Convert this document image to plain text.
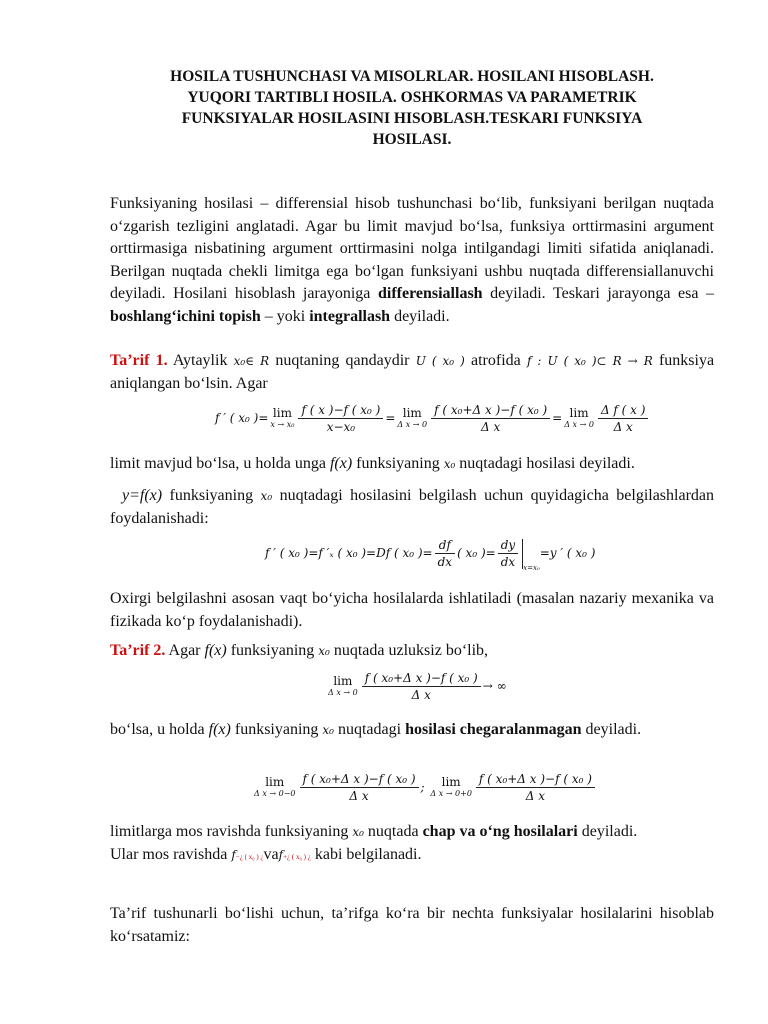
HOSILA TUSHUNCHASI VA MISOLRLAR. HOSILANI HISOBLASH.
YUQORI TARTIBLI HOSILA. OSHKORMAS VA PARAMETRIK
FUNKSIYALAR HOSILASINI HISOBLASH.TESKARI FUNKSIYA
HOSILASI.
Funksiyaning hosilasi – differensial hisob tushunchasi bo‘lib, funksiyani berilgan nuqtada o‘zgarish tezligini anglatadi. Agar bu limit mavjud bo‘lsa, funksiya orttirmasini argument orttirmasiga nisbatining argument orttirmasini nolga intilgandagi limiti sifatida aniqlanadi. Berilgan nuqtada chekli limitga ega bo‘lgan funksiyani ushbu nuqtada differensiallanuvchi deyiladi. Hosilani hisoblash jarayoniga differensiallash deyiladi. Teskari jarayonga esa – boshlang‘ichini topish – yoki integrallash deyiladi.
Ta’rif 1. Aytaylik x₀∈ R nuqtaning qandaydir U ( x₀ ) atrofida f : U ( x₀ )⊂ R → R funksiya aniqlangan bo‘lsin. Agar
f ′ ( x₀ )= lim
$x \to x_0 \frac{\text{f ( x )−f ( x₀ )}}{\text{x−x₀}} = \lim$
Δ $x \to 0 \frac{\text{f ( x₀+Δ x )−f ( x₀ )}}{\text{Δ x}} = \lim$
Δ $x \to 0 \frac{\text{Δ f ( x )}}{\text{Δ x}}$
limit mavjud bo‘lsa, u holda unga f(x) funksiyaning x₀ nuqtadagi hosilasi deyiladi.
y=f(x) funksiyaning x₀ nuqtadagi hosilasini belgilash uchun quyidagicha belgilashlardan foydalanishadi:
f ′ ( x₀ )=f ′ₓ ( x₀ )=Df ( x₀ )= $\frac{df}{dx}$ ( x₀ )= $\frac{dy}{dx} _{x=x_0}=y$ ′ ( x₀ )
Oxirgi belgilashni asosan vaqt bo‘yicha hosilalarda ishlatiladi (masalan nazariy mexanika va fizikada ko‘p foydalanishadi).
Ta’rif 2. Agar f(x) funksiyaning x₀ nuqtada uzluksiz bo‘lib,
lim
Δ $x \to 0 \frac{\text{f ( x₀+Δ x )−f ( x₀ )}}{\text{Δ x}}$ → ∞
bo‘lsa, u holda f(x) funksiyaning x₀ nuqtadagi hosilasi chegaralanmagan deyiladi.
lim
Δ $x \to 0-0 \frac{\text{f ( x₀+Δ x )−f ( x₀ )}}{\text{Δ x}}$ ;	lim
Δ $x \to 0+0 \frac{\text{f ( x₀+Δ x )−f ( x₀ )}}{\text{Δ x}}$
limitlarga mos ravishda funksiyaning x₀ nuqtada chap va o‘ng hosilalari deyiladi.
Ular mos ravishda f−¿ ( x₀ ) ¿vaf+¿ ( x₀ ) ¿ kabi belgilanadi.
Ta’rif tushunarli bo‘lishi uchun, ta’rifga ko‘ra bir nechta funksiyalar hosilalarini hisoblab ko‘rsatamiz:
